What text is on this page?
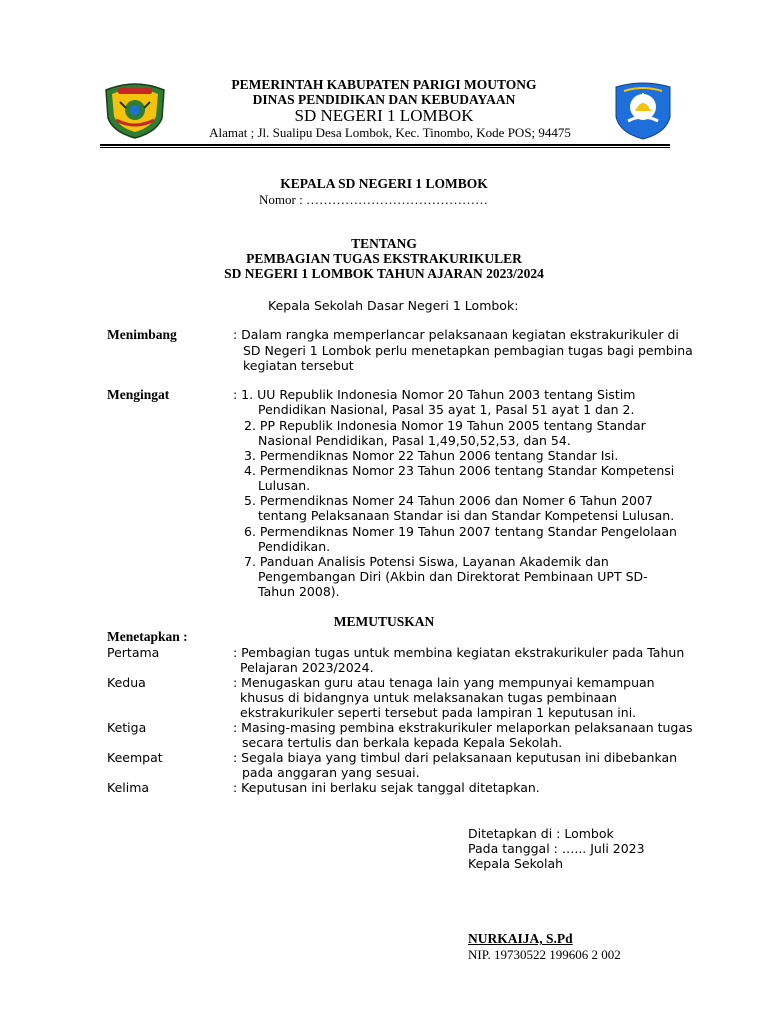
PEMERINTAH KABUPATEN PARIGI MOUTONG
DINAS PENDIDIKAN DAN KEBUDAYAAN
SD NEGERI 1 LOMBOK
Alamat ; Jl. Sualipu Desa Lombok, Kec. Tinombo, Kode POS; 94475
KEPALA SD NEGERI 1 LOMBOK
Nomor : ……………………………………
TENTANG
PEMBAGIAN TUGAS EKSTRAKURIKULER
SD NEGERI 1 LOMBOK TAHUN AJARAN 2023/2024
Kepala Sekolah Dasar Negeri 1 Lombok:
Menimbang	: Dalam rangka memperlancar pelaksanaan kegiatan ekstrakurikuler di
SD Negeri 1 Lombok perlu menetapkan pembagian tugas bagi pembina
kegiatan tersebut
Mengingat	: 1. UU Republik Indonesia Nomor 20 Tahun 2003 tentang Sistim
Pendidikan Nasional, Pasal 35 ayat 1, Pasal 51 ayat 1 dan 2.
2. PP Republik Indonesia Nomor 19 Tahun 2005 tentang Standar
Nasional Pendidikan, Pasal 1,49,50,52,53, dan 54.
3. Permendiknas Nomor 22 Tahun 2006 tentang Standar Isi.
4. Permendiknas Nomor 23 Tahun 2006 tentang Standar Kompetensi
Lulusan.
5. Permendiknas Nomer 24 Tahun 2006 dan Nomer 6 Tahun 2007
tentang Pelaksanaan Standar isi dan Standar Kompetensi Lulusan.
6. Permendiknas Nomer 19 Tahun 2007 tentang Standar Pengelolaan
Pendidikan.
7. Panduan Analisis Potensi Siswa, Layanan Akademik dan
Pengembangan Diri (Akbin dan Direktorat Pembinaan UPT SD-
Tahun 2008).
MEMUTUSKAN
Menetapkan :
Pertama	: Pembagian tugas untuk membina kegiatan ekstrakurikuler pada Tahun
Pelajaran 2023/2024.
Kedua	: Menugaskan guru atau tenaga lain yang mempunyai kemampuan
khusus di bidangnya untuk melaksanakan tugas pembinaan
ekstrakurikuler seperti tersebut pada lampiran 1 keputusan ini.
Ketiga	: Masing-masing pembina ekstrakurikuler melaporkan pelaksanaan tugas
secara tertulis dan berkala kepada Kepala Sekolah.
Keempat	: Segala biaya yang timbul dari pelaksanaan keputusan ini dibebankan
pada anggaran yang sesuai.
Kelima	: Keputusan ini berlaku sejak tanggal ditetapkan.
Ditetapkan di : Lombok
Pada tanggal : …... Juli 2023
Kepala Sekolah
NURKAIJA, S.Pd
NIP. 19730522 199606 2 002
